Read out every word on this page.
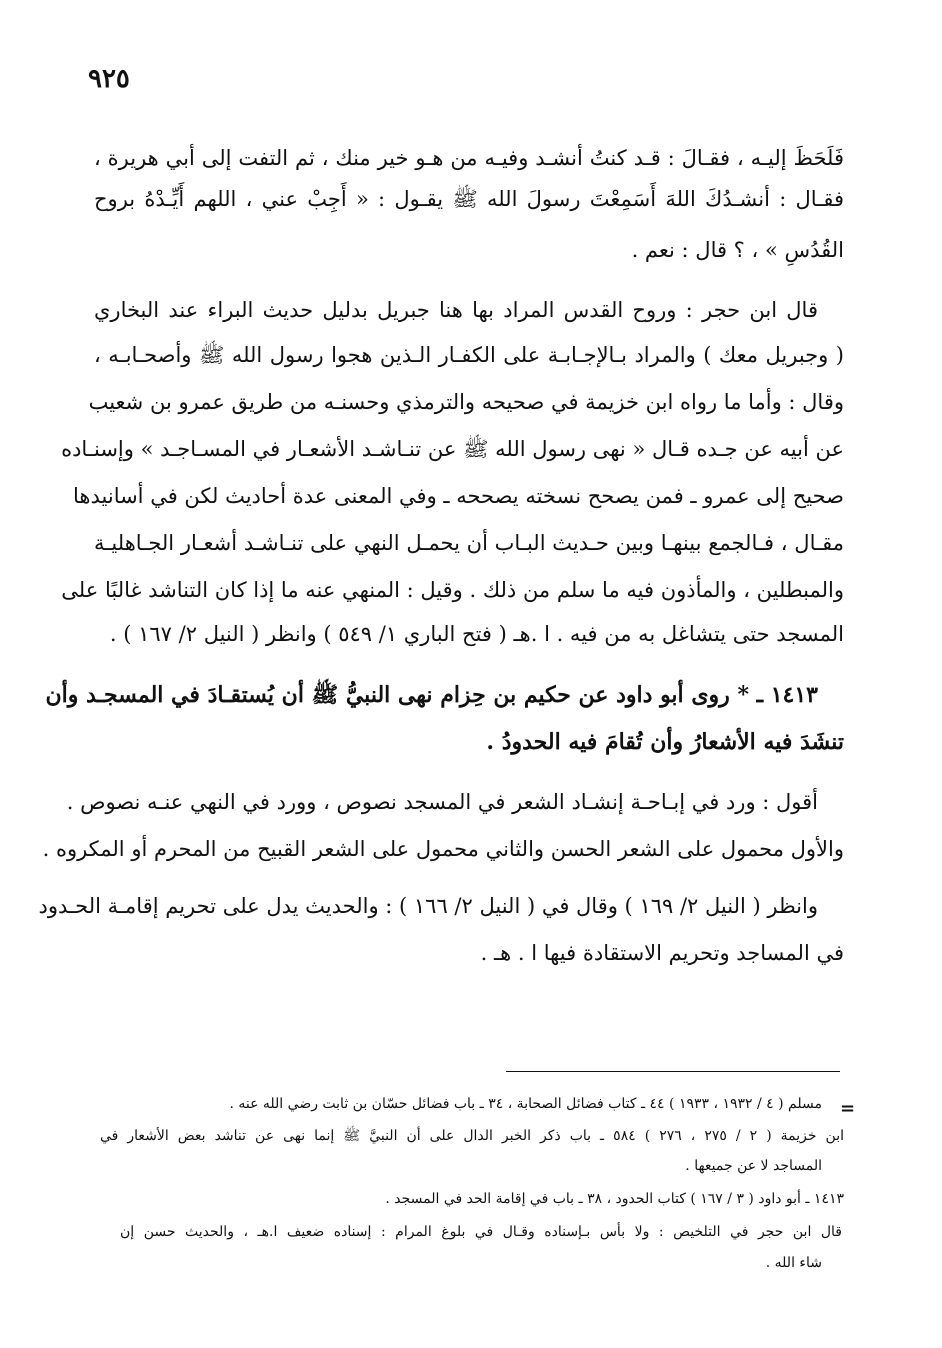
٩٢٥
فَلَحَظَ إليـه ، فقـالَ : قـد كنتُ أنشـد وفيـه من هـو خير منك ، ثم التفت إلى أبي هريرة ،
فقـال : أنشـدُكَ اللهَ أَسَمِعْتَ رسولَ الله ﷺ يقـول : « أَجِبْ عني ، اللهم أَيِّـدْهُ بروح
القُدُسِ » ، ؟ قال : نعم .
قال ابن حجر : وروح القدس المراد بها هنا جبريل بدليل حديث البراء عند البخاري
( وجبريل معك ) والمراد بـالإجـابـة على الكفـار الـذين هجوا رسول الله ﷺ وأصحـابـه ،
وقال : وأما ما رواه ابن خزيمة في صحيحه والترمذي وحسنـه من طريق عمرو بن شعيب
عن أبيه عن جـده قـال « نهى رسول الله ﷺ عن تنـاشـد الأشعـار في المسـاجـد » وإسنـاده
صحيح إلى عمرو ـ فمن يصحح نسخته يصححه ـ وفي المعنى عدة أحاديث لكن في أسانيدها
مقـال ، فـالجمع بينهـا وبين حـديث البـاب أن يحمـل النهي على تنـاشـد أشعـار الجـاهليـة
والمبطلين ، والمأذون فيه ما سلم من ذلك . وقيل : المنهي عنه ما إذا كان التناشد غالبًا على
المسجد حتى يتشاغل به من فيه . ا .هـ ( فتح الباري ١/ ٥٤٩ ) وانظر ( النيل ٢/ ١٦٧ ) .
١٤١٣ ـ * روى أبو داود عن حكيم بن حِزام نهى النبيُّ ﷺ أن يُستقـادَ في المسجـد وأن
تنشَدَ فيه الأشعارُ وأن تُقامَ فيه الحدودُ .
أقول : ورد في إبـاحـة إنشـاد الشعر في المسجد نصوص ، وورد في النهي عنـه نصوص .
والأول محمول على الشعر الحسن والثاني محمول على الشعر القبيح من المحرم أو المكروه .
وانظر ( النيل ٢/ ١٦٩ ) وقال في ( النيل ٢/ ١٦٦ ) : والحديث يدل على تحريم إقامـة الحـدود
في المساجد وتحريم الاستقادة فيها ا . هـ .
=
مسلم ( ٤ / ١٩٣٢ ، ١٩٣٣ ) ٤٤ ـ كتاب فضائل الصحابة ، ٣٤ ـ باب فضائل حسّان بن ثابت رضي الله عنه .
ابن خزيمة ( ٢ / ٢٧٥ ، ٢٧٦ ) ٥٨٤ ـ باب ذكر الخبر الدال على أن النبيَّ ﷺ إنما نهى عن تناشد بعض الأشعار في
المساجد لا عن جميعها .
١٤١٣ ـ أبو داود ( ٣ / ١٦٧ ) كتاب الحدود ، ٣٨ ـ باب في إقامة الحد في المسجد .
قال ابن حجر في التلخيص : ولا بأس بـإسناده وقـال في بلوغ المرام : إسناده ضعيف ا.هـ ، والحديث حسن إن
شاء الله .
